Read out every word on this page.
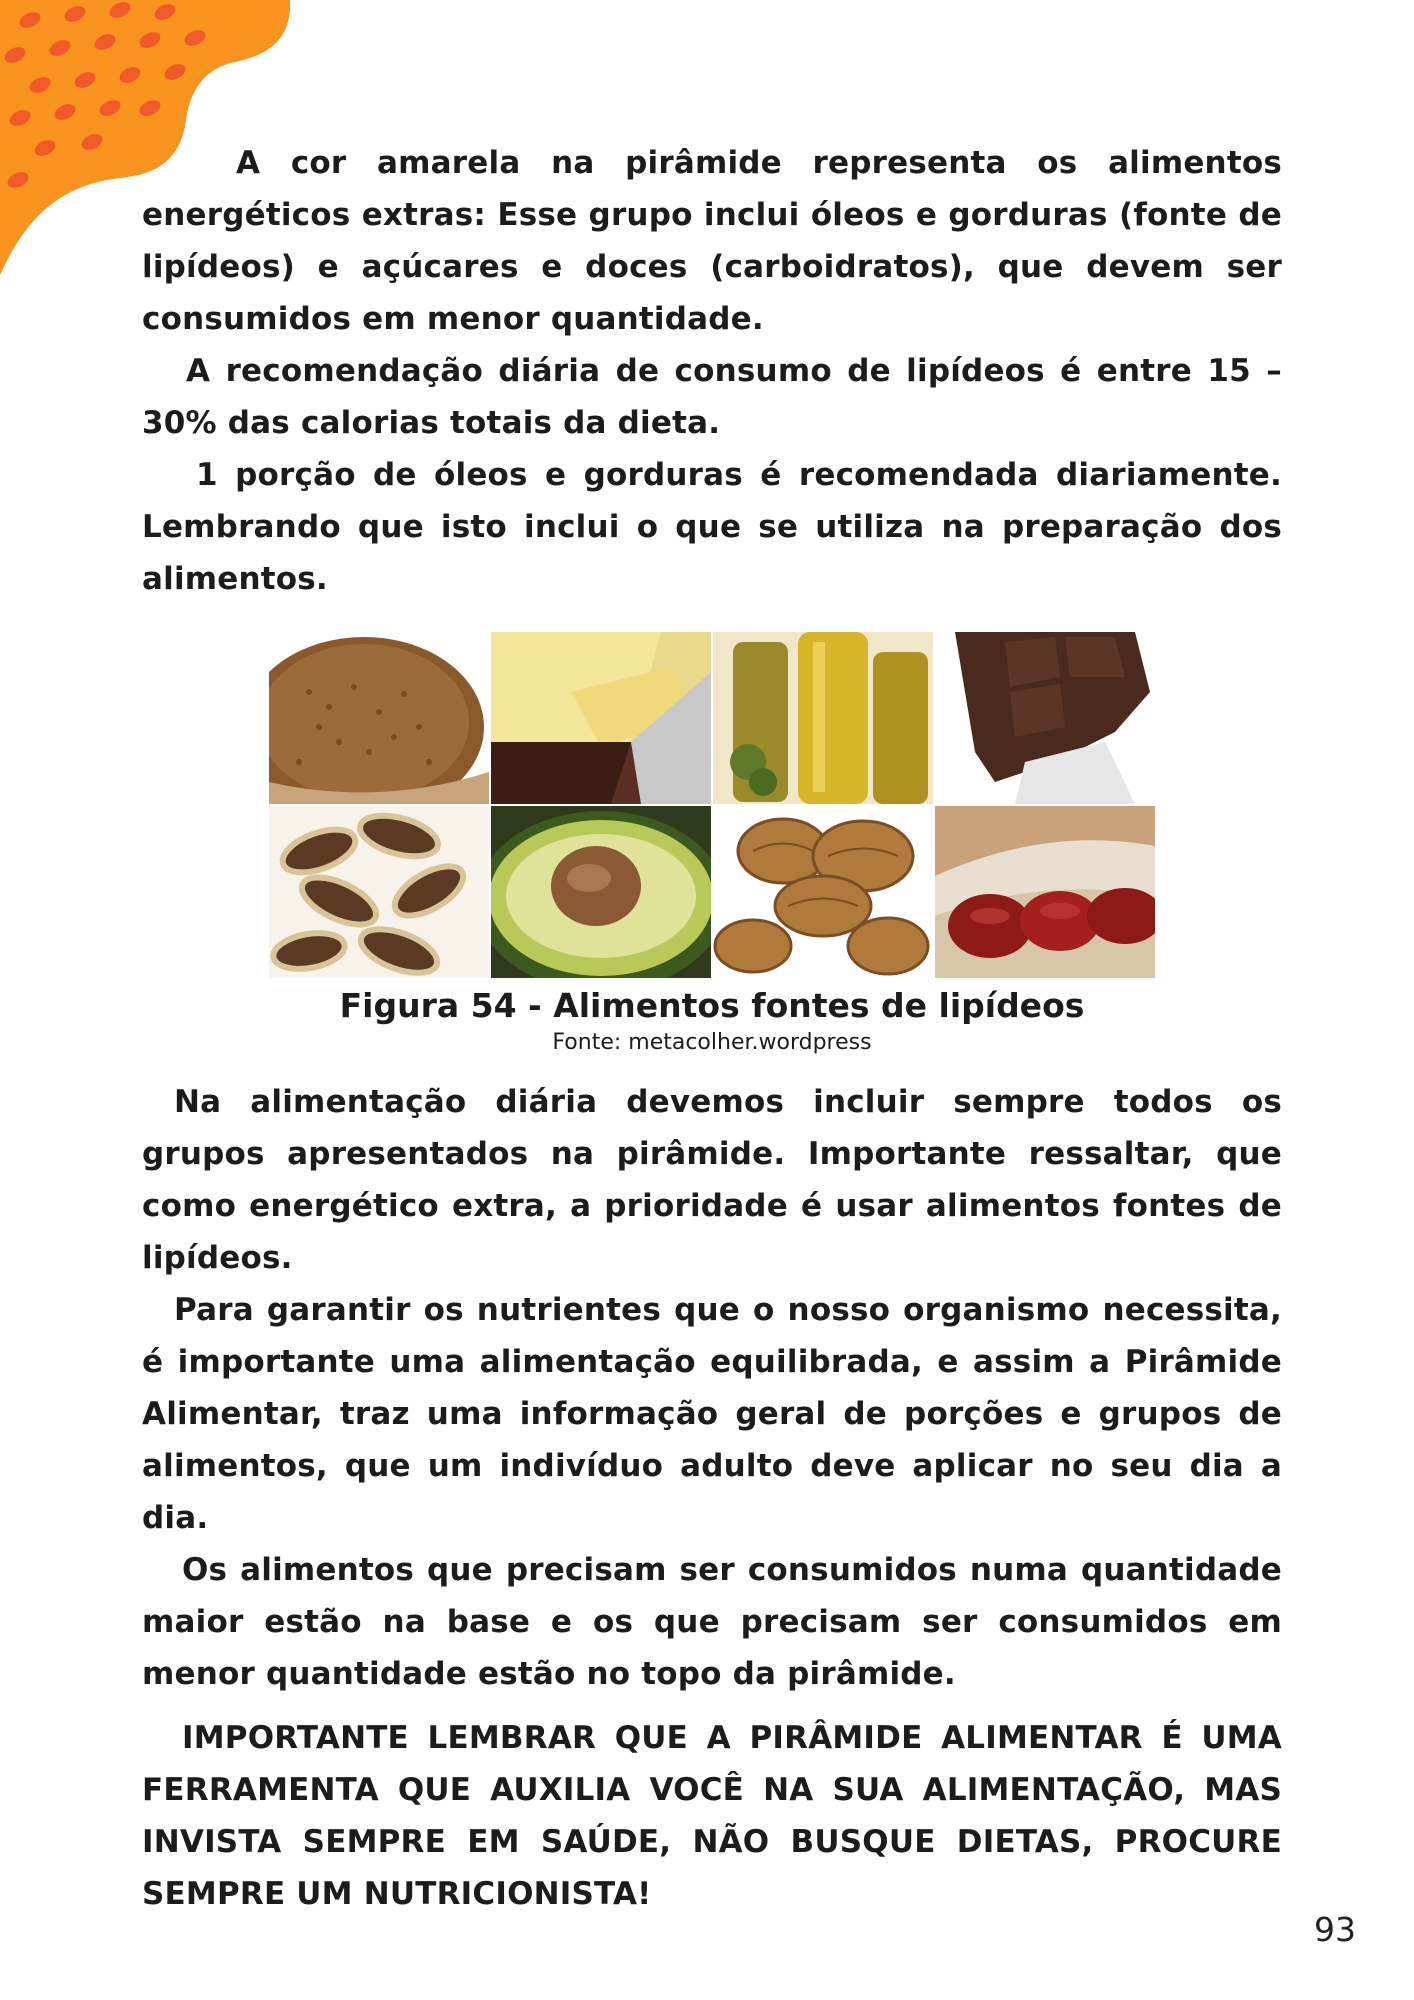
A cor amarela na pirâmide representa os alimentos energéticos extras: Esse grupo inclui óleos e gorduras (fonte de lipídeos) e açúcares e doces (carboidratos), que devem ser consumidos em menor quantidade.

A recomendação diária de consumo de lipídeos é entre 15 – 30% das calorias totais da dieta.

1 porção de óleos e gorduras é recomendada diariamente. Lembrando que isto inclui o que se utiliza na preparação dos alimentos.

Figura 54 - Alimentos fontes de lipídeos
Fonte: metacolher.wordpress

Na alimentação diária devemos incluir sempre todos os grupos apresentados na pirâmide. Importante ressaltar, que como energético extra, a prioridade é usar alimentos fontes de lipídeos.

Para garantir os nutrientes que o nosso organismo necessita, é importante uma alimentação equilibrada, e assim a Pirâmide Alimentar, traz uma informação geral de porções e grupos de alimentos, que um indivíduo adulto deve aplicar no seu dia a dia.

Os alimentos que precisam ser consumidos numa quantidade maior estão na base e os que precisam ser consumidos em menor quantidade estão no topo da pirâmide.

IMPORTANTE LEMBRAR QUE A PIRÂMIDE ALIMENTAR É UMA FERRAMENTA QUE AUXILIA VOCÊ NA SUA ALIMENTAÇÃO, MAS INVISTA SEMPRE EM SAÚDE, NÃO BUSQUE DIETAS, PROCURE SEMPRE UM NUTRICIONISTA!

93
